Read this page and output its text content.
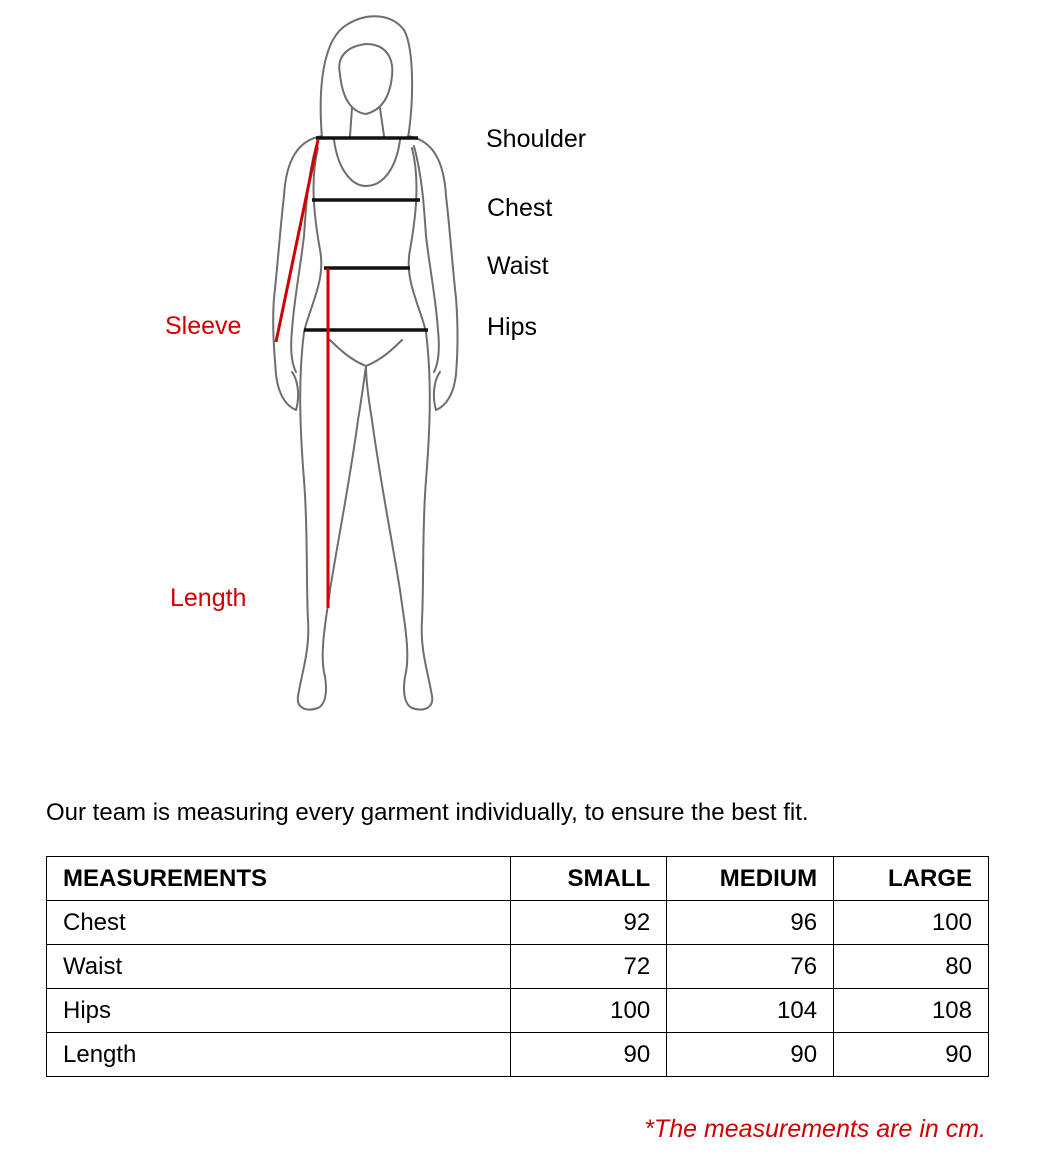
Shoulder
Chest
Waist
Hips
Sleeve
Length
Our team is measuring every garment individually, to ensure the best fit.
MEASUREMENTS	SMALL	MEDIUM	LARGE
Chest	92	96	100
Waist	72	76	80
Hips	100	104	108
Length	90	90	90
*The measurements are in cm.
